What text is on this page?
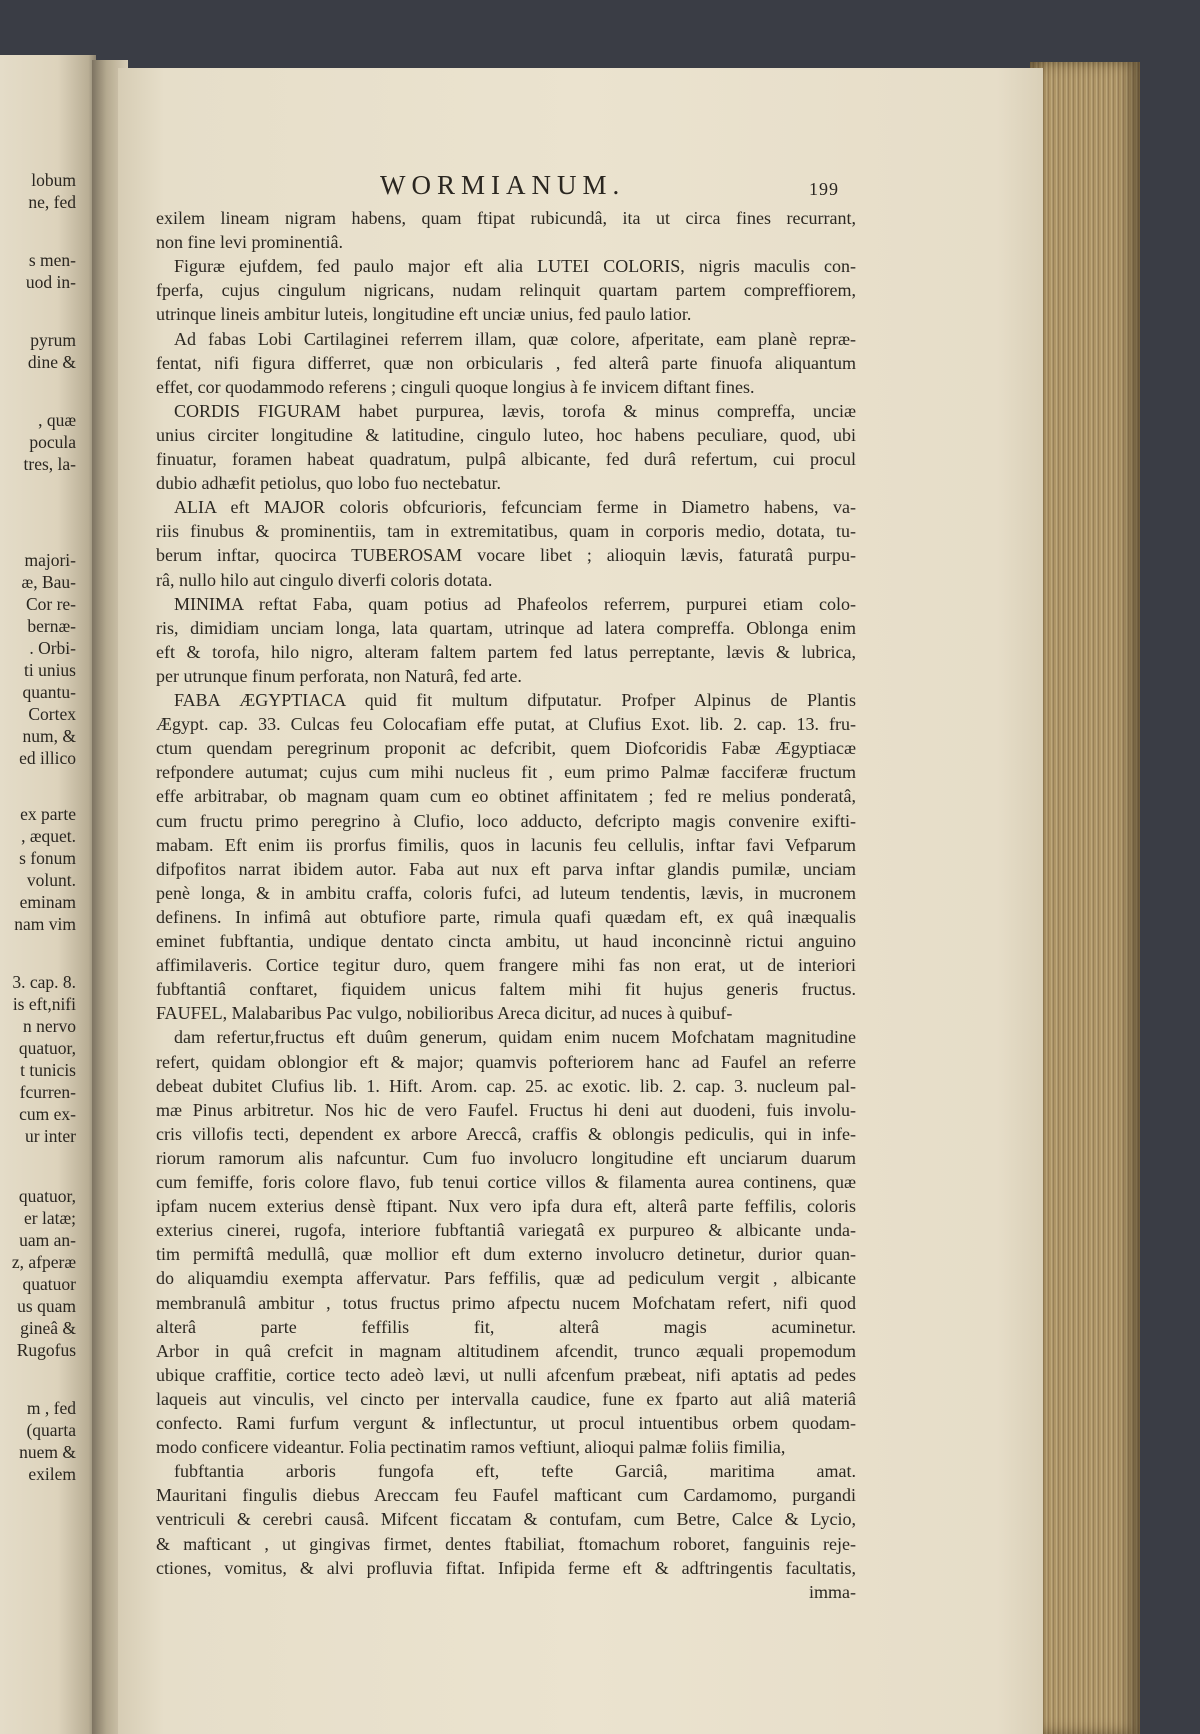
lobum
ne, fed
s men-
uod in-
pyrum
dine &
, quæ
pocula
tres, la-
majori-
æ, Bau-
Cor re-
bernæ-
. Orbi-
ti unius
quantu-
Cortex
num, &
ed illico
ex parte
, æquet.
s fonum
volunt.
eminam
nam vim
3. cap. 8.
is eft,nifi
n nervo
quatuor,
t tunicis
fcurren-
cum ex-
ur inter
quatuor,
er latæ;
uam an-
z, afperæ
quatuor
us quam
gineâ &
Rugofus
m , fed
(quarta
nuem &
exilem
WORMIANUM.	199
exilem lineam nigram habens, quam ftipat rubicundâ, ita ut circa fines recurrant,
non fine levi prominentiâ.
Figuræ ejufdem, fed paulo major eft alia LUTEI COLORIS, nigris maculis con-
fperfa, cujus cingulum nigricans, nudam relinquit quartam partem compreffiorem,
utrinque lineis ambitur luteis, longitudine eft unciæ unius, fed paulo latior.
Ad fabas Lobi Cartilaginei referrem illam, quæ colore, afperitate, eam planè repræ-
fentat, nifi figura differret, quæ non orbicularis , fed alterâ parte finuofa aliquantum
effet, cor quodammodo referens ; cinguli quoque longius à fe invicem diftant fines.
CORDIS FIGURAM habet purpurea, lævis, torofa & minus compreffa, unciæ
unius circiter longitudine & latitudine, cingulo luteo, hoc habens peculiare, quod, ubi
finuatur, foramen habeat quadratum, pulpâ albicante, fed durâ refertum, cui procul
dubio adhæfit petiolus, quo lobo fuo nectebatur.
ALIA eft MAJOR coloris obfcurioris, fefcunciam ferme in Diametro habens, va-
riis finubus & prominentiis, tam in extremitatibus, quam in corporis medio, dotata, tu-
berum inftar, quocirca TUBEROSAM vocare libet ; alioquin lævis, faturatâ purpu-
râ, nullo hilo aut cingulo diverfi coloris dotata.
MINIMA reftat Faba, quam potius ad Phafeolos referrem, purpurei etiam colo-
ris, dimidiam unciam longa, lata quartam, utrinque ad latera compreffa. Oblonga enim
eft & torofa, hilo nigro, alteram faltem partem fed latus perreptante, lævis & lubrica,
per utrunque finum perforata, non Naturâ, fed arte.
FABA ÆGYPTIACA quid fit multum difputatur. Profper Alpinus de Plantis
Ægypt. cap. 33. Culcas feu Colocafiam effe putat, at Clufius Exot. lib. 2. cap. 13. fru-
ctum quendam peregrinum proponit ac defcribit, quem Diofcoridis Fabæ Ægyptiacæ
refpondere autumat; cujus cum mihi nucleus fit , eum primo Palmæ facciferæ fructum
effe arbitrabar, ob magnam quam cum eo obtinet affinitatem ; fed re melius ponderatâ,
cum fructu primo peregrino à Clufio, loco adducto, defcripto magis convenire exifti-
mabam. Eft enim iis prorfus fimilis, quos in lacunis feu cellulis, inftar favi Vefparum
difpofitos narrat ibidem autor. Faba aut nux eft parva inftar glandis pumilæ, unciam
penè longa, & in ambitu craffa, coloris fufci, ad luteum tendentis, lævis, in mucronem
definens. In infimâ aut obtufiore parte, rimula quafi quædam eft, ex quâ inæqualis
eminet fubftantia, undique dentato cincta ambitu, ut haud inconcinnè rictui anguino
affimilaveris. Cortice tegitur duro, quem frangere mihi fas non erat, ut de interiori
fubftantiâ conftaret, fiquidem unicus faltem mihi fit hujus generis fructus.
FAUFEL, Malabaribus Pac vulgo, nobilioribus Areca dicitur, ad nuces à quibuf-
dam refertur,fructus eft duûm generum, quidam enim nucem Mofchatam magnitudine
refert, quidam oblongior eft & major; quamvis pofteriorem hanc ad Faufel an referre
debeat dubitet Clufius lib. 1. Hift. Arom. cap. 25. ac exotic. lib. 2. cap. 3. nucleum pal-
mæ Pinus arbitretur. Nos hic de vero Faufel. Fructus hi deni aut duodeni, fuis involu-
cris villofis tecti, dependent ex arbore Areccâ, craffis & oblongis pediculis, qui in infe-
riorum ramorum alis nafcuntur. Cum fuo involucro longitudine eft unciarum duarum
cum femiffe, foris colore flavo, fub tenui cortice villos & filamenta aurea continens, quæ
ipfam nucem exterius densè ftipant. Nux vero ipfa dura eft, alterâ parte feffilis, coloris
exterius cinerei, rugofa, interiore fubftantiâ variegatâ ex purpureo & albicante unda-
tim permiftâ medullâ, quæ mollior eft dum externo involucro detinetur, durior quan-
do aliquamdiu exempta affervatur. Pars feffilis, quæ ad pediculum vergit , albicante
membranulâ ambitur , totus fructus primo afpectu nucem Mofchatam refert, nifi quod
alterâ parte feffilis fit, alterâ magis acuminetur.
Arbor in quâ crefcit in magnam altitudinem afcendit, trunco æquali propemodum
ubique craffitie, cortice tecto adeò lævi, ut nulli afcenfum præbeat, nifi aptatis ad pedes
laqueis aut vinculis, vel cincto per intervalla caudice, fune ex fparto aut aliâ materiâ
confecto. Rami furfum vergunt & inflectuntur, ut procul intuentibus orbem quodam-
modo conficere videantur. Folia pectinatim ramos veftiunt, alioqui palmæ foliis fimilia,
fubftantia arboris fungofa eft, tefte Garciâ, maritima amat.
Mauritani fingulis diebus Areccam feu Faufel mafticant cum Cardamomo, purgandi
ventriculi & cerebri causâ. Mifcent ficcatam & contufam, cum Betre, Calce & Lycio,
& mafticant , ut gingivas firmet, dentes ftabiliat, ftomachum roboret, fanguinis reje-
ctiones, vomitus, & alvi profluvia fiftat. Infipida ferme eft & adftringentis facultatis,
imma-
